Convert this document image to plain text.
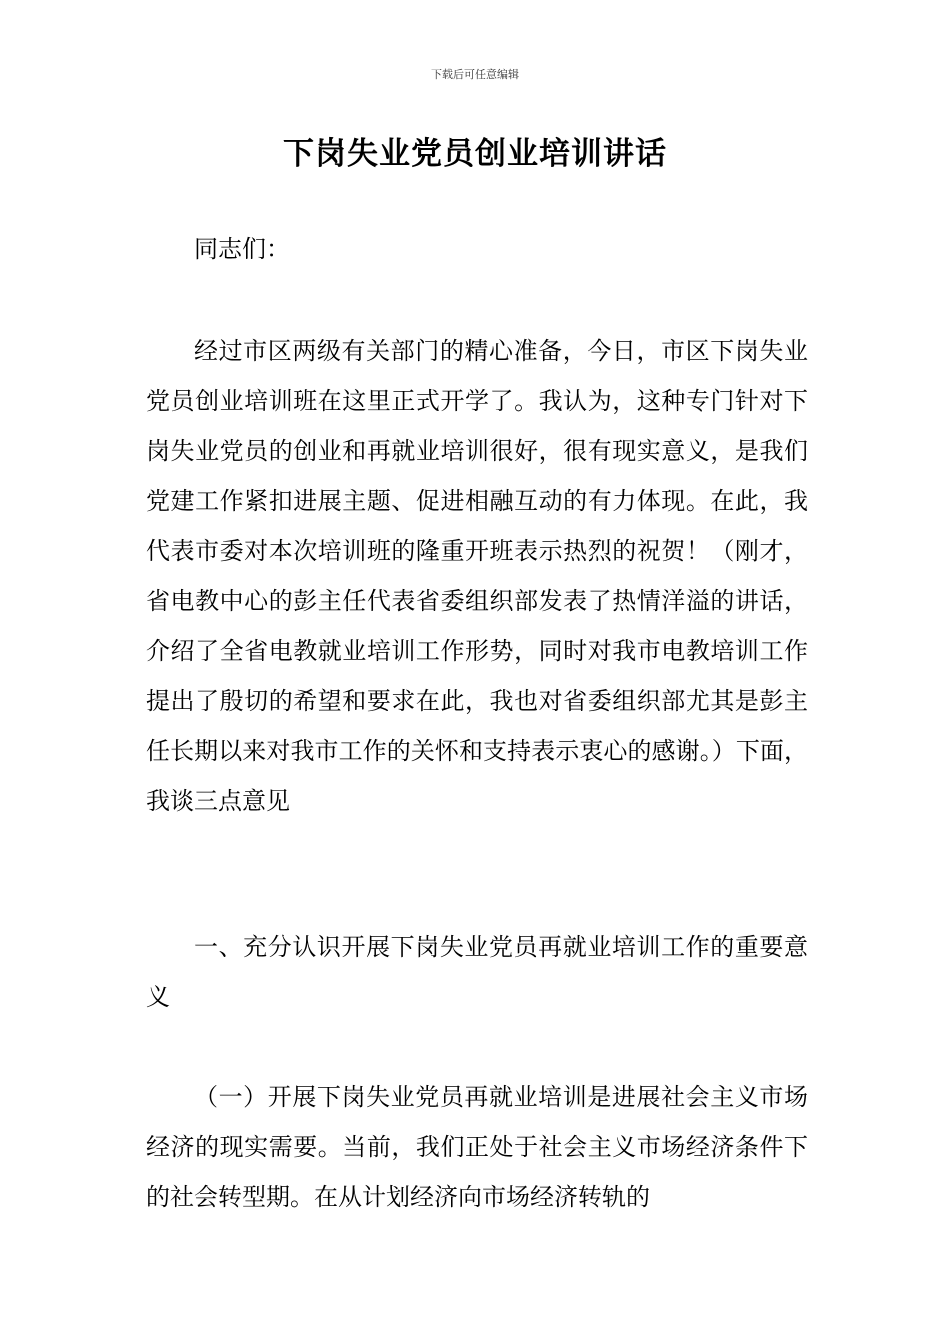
下载后可任意编辑
下岗失业党员创业培训讲话

同志们：

经过市区两级有关部门的精心准备，今日，市区下岗失业党员创业培训班在这里正式开学了。我认为，这种专门针对下岗失业党员的创业和再就业培训很好，很有现实意义，是我们党建工作紧扣进展主题、促进相融互动的有力体现。在此，我代表市委对本次培训班的隆重开班表示热烈的祝贺！（刚才，省电教中心的彭主任代表省委组织部发表了热情洋溢的讲话，介绍了全省电教就业培训工作形势，同时对我市电教培训工作提出了殷切的希望和要求在此，我也对省委组织部尤其是彭主任长期以来对我市工作的关怀和支持表示衷心的感谢。）下面，我谈三点意见

一、充分认识开展下岗失业党员再就业培训工作的重要意义

（一）开展下岗失业党员再就业培训是进展社会主义市场经济的现实需要。当前，我们正处于社会主义市场经济条件下的社会转型期。在从计划经济向市场经济转轨的
